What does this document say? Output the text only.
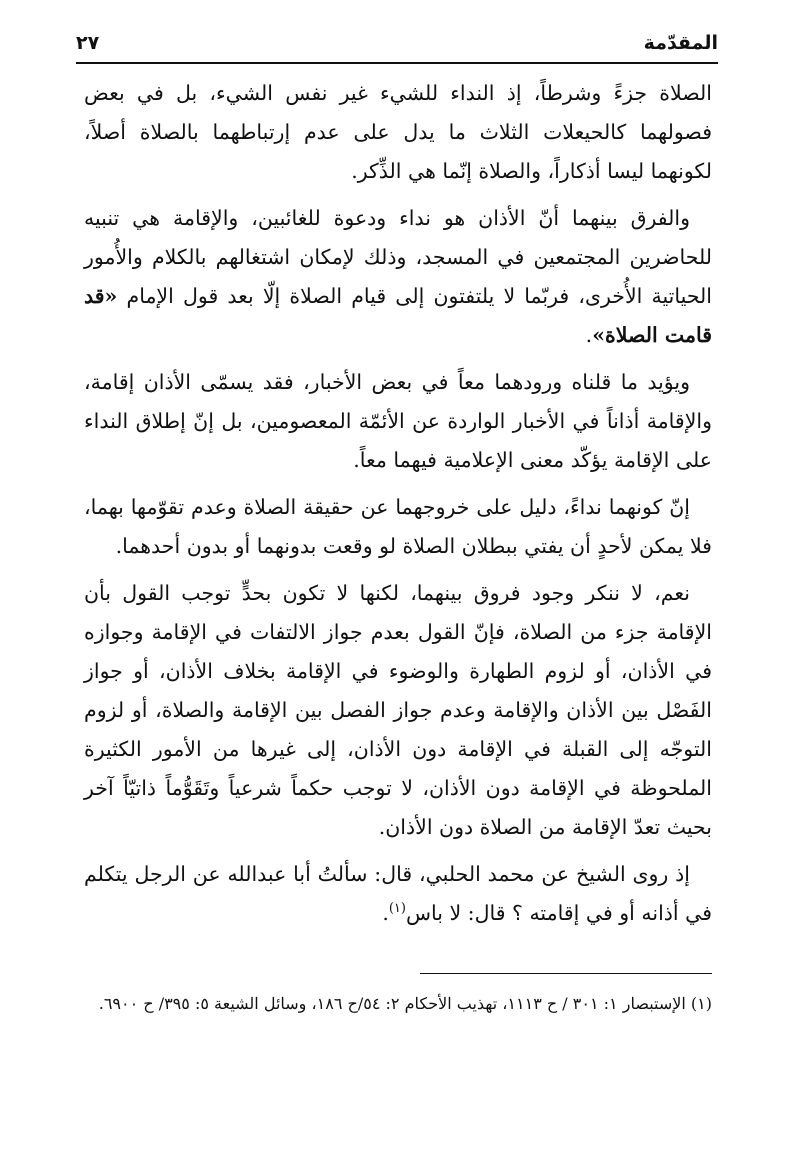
المقدّمة
٢٧

الصلاة جزءً وشرطاً، إذ النداء للشيء غير نفس الشيء، بل في بعض فصولهما كالحيعلات الثلاث ما يدل على عدم إرتباطهما بالصلاة أصلاً، لكونهما ليسا أذكاراً، والصلاة إنّما هي الذِّكر.

والفرق بينهما أنّ الأذان هو نداء ودعوة للغائبين، والإقامة هي تنبيه للحاضرين المجتمعين في المسجد، وذلك لإمكان اشتغالهم بالكلام والأُمور الحياتية الأُخرى، فربّما لا يلتفتون إلى قيام الصلاة إلّا بعد قول الإمام «قد قامت الصلاة».

ويؤيد ما قلناه ورودهما معاً في بعض الأخبار، فقد يسمّى الأذان إقامة، والإقامة أذاناً في الأخبار الواردة عن الأئمّة المعصومين، بل إنّ إطلاق النداء على الإقامة يؤكّد معنى الإعلامية فيهما معاً.

إنّ كونهما نداءً، دليل على خروجهما عن حقيقة الصلاة وعدم تقوّمها بهما، فلا يمكن لأحدٍ أن يفتي ببطلان الصلاة لو وقعت بدونهما أو بدون أحدهما.

نعم، لا ننكر وجود فروق بينهما، لكنها لا تكون بحدٍّ توجب القول بأن الإقامة جزء من الصلاة، فإنّ القول بعدم جواز الالتفات في الإقامة وجوازه في الأذان، أو لزوم الطهارة والوضوء في الإقامة بخلاف الأذان، أو جواز الفَصْل بين الأذان والإقامة وعدم جواز الفصل بين الإقامة والصلاة، أو لزوم التوجّه إلى القبلة في الإقامة دون الأذان، إلى غيرها من الأمور الكثيرة الملحوظة في الإقامة دون الأذان، لا توجب حكماً شرعياً وتَقَوُّماً ذاتيّاً آخر بحيث تعدّ الإقامة من الصلاة دون الأذان.

إذ روى الشيخ عن محمد الحلبي، قال: سألتُ أبا عبدالله عن الرجل يتكلم في أذانه أو في إقامته ؟ قال: لا باس$^{(١)}$.

(١) الإستبصار ١: ٣٠١ / ح ١١١٣، تهذيب الأحكام ٢: ٥٤/ح ١٨٦، وسائل الشيعة ٥: ٣٩٥/ ح ٦٩٠٠.
